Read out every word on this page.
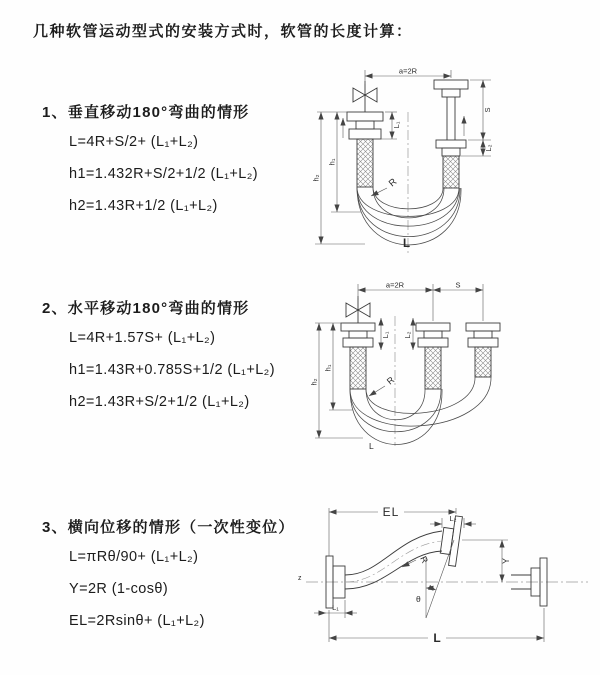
几种软管运动型式的安装方式时，软管的长度计算：
1、垂直移动180°弯曲的情形
L=4R+S/2+ (L₁+L₂)
h1=1.432R+S/2+1/2 (L₁+L₂)
h2=1.43R+1/2 (L₁+L₂)
a=2R
L₁
S
L₂
h₁
h₂	R
L
2、水平移动180°弯曲的情形
L=4R+1.57S+ (L₁+L₂)
h1=1.43R+0.785S+1/2 (L₁+L₂)
h2=1.43R+S/2+1/2 (L₁+L₂)
a=2R	S
L₁ L₂
h₁
h₂	R
L
3、横向位移的情形（一次性变位）
L=πRθ/90+ (L₁+L₂)
Y=2R (1-cosθ)
EL=2Rsinθ+ (L₁+L₂)
z
EL	L₂
Y
R
θ
L
L₁
